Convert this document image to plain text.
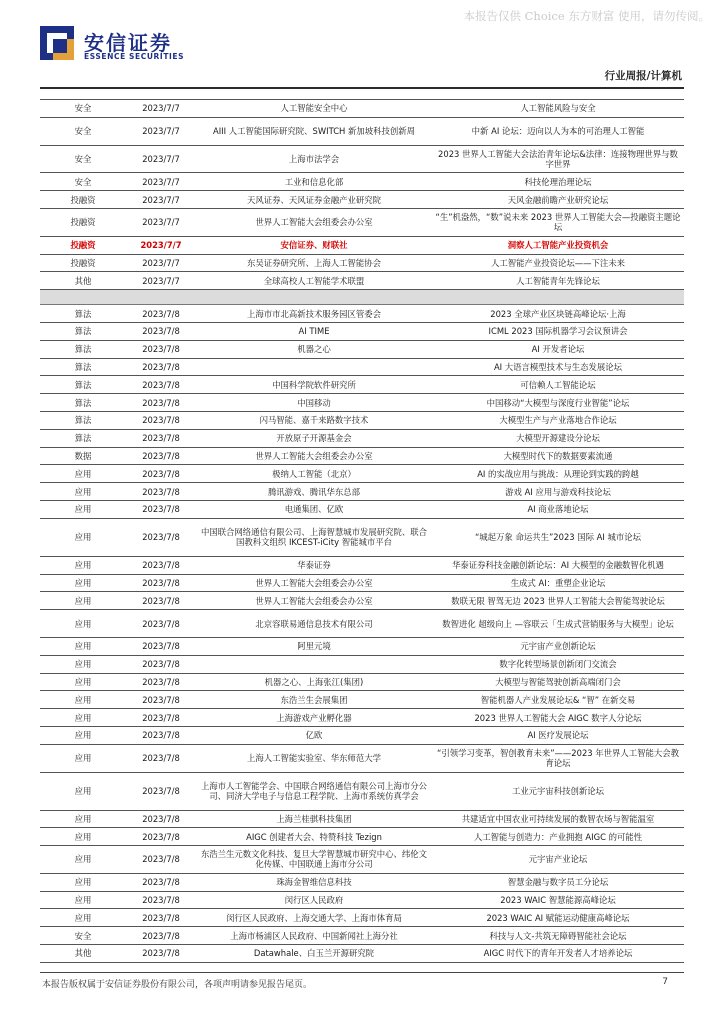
本报告仅供 Choice 东方财富 使用，请勿传阅。
安信证券
ESSENCE SECURITIES
行业周报/计算机
安全	2023/7/7	人工智能安全中心	人工智能风险与安全
安全	2023/7/7	AIII 人工智能国际研究院、SWITCH 新加坡科技创新周	中新 AI 论坛：迈向以人为本的可治理人工智能
安全	2023/7/7	上海市法学会	2023 世界人工智能大会法治青年论坛&法律：连接物理世界与数字世界
安全	2023/7/7	工业和信息化部	科技伦理治理论坛
投融资	2023/7/7	天风证券、天风证券金融产业研究院	天风金融前瞻产业研究论坛
投融资	2023/7/7	世界人工智能大会组委会办公室	“生”机盎然，“数”说未来 2023 世界人工智能大会—投融资主题论坛
投融资	2023/7/7	安信证券、财联社	洞察人工智能产业投资机会
投融资	2023/7/7	东吴证券研究所、上海人工智能协会	人工智能产业投资论坛——下注未来
其他	2023/7/7	全球高校人工智能学术联盟	人工智能青年先锋论坛

算法	2023/7/8	上海市市北高新技术服务园区管委会	2023 全球产业区块链高峰论坛·上海
算法	2023/7/8	AI TIME	ICML 2023 国际机器学习会议预讲会
算法	2023/7/8	机器之心	AI 开发者论坛
算法	2023/7/8		AI 大语言模型技术与生态发展论坛
算法	2023/7/8	中国科学院软件研究所	可信赖人工智能论坛
算法	2023/7/8	中国移动	中国移动“大模型与深度行业智能”论坛
算法	2023/7/8	闪马智能、嘉千来路数字技术	大模型生产与产业落地合作论坛
算法	2023/7/8	开放原子开源基金会	大模型开源建设分论坛
数据	2023/7/8	世界人工智能大会组委会办公室	大模型时代下的数据要素流通
应用	2023/7/8	极纳人工智能（北京）	AI 的实战应用与挑战：从理论到实践的跨越
应用	2023/7/8	腾讯游戏、腾讯华东总部	游戏 AI 应用与游戏科技论坛
应用	2023/7/8	电通集团、亿欧	AI 商业落地论坛
应用	2023/7/8	中国联合网络通信有限公司、上海智慧城市发展研究院、联合国教科文组织 IKCEST-iCity 智能城市平台	“城起万象 命运共生”2023 国际 AI 城市论坛
应用	2023/7/8	华泰证券	华泰证券科技金融创新论坛：AI 大模型的金融数智化机遇
应用	2023/7/8	世界人工智能大会组委会办公室	生成式 AI：重塑企业论坛
应用	2023/7/8	世界人工智能大会组委会办公室	数联无限 智驾无边 2023 世界人工智能大会智能驾驶论坛
应用	2023/7/8	北京容联易通信息技术有限公司	数智进化 超级向上 —容联云「生成式营销服务与大模型」论坛
应用	2023/7/8	阿里元境	元宇宙产业创新论坛
应用	2023/7/8		数字化转型场景创新闭门交流会
应用	2023/7/8	机器之心、上海张江(集团)	大模型与智能驾驶创新高端闭门会
应用	2023/7/8	东浩兰生会展集团	智能机器人产业发展论坛& “智” 在新交易
应用	2023/7/8	上海游戏产业孵化器	2023 世界人工智能大会 AIGC 数字人分论坛
应用	2023/7/8	亿欧	AI 医疗发展论坛
应用	2023/7/8	上海人工智能实验室、华东师范大学	“引领学习变革，智创教育未来”——2023 年世界人工智能大会教育论坛
应用	2023/7/8	上海市人工智能学会、中国联合网络通信有限公司上海市分公司、同济大学电子与信息工程学院、上海市系统仿真学会	工业元宇宙科技创新论坛
应用	2023/7/8	上海兰桂骐科技集团	共建适宜中国农业可持续发展的数智农场与智能温室
应用	2023/7/8	AIGC 创建者大会、特赞科技 Tezign	人工智能与创造力：产业拥抱 AIGC 的可能性
应用	2023/7/8	东浩兰生元数文化科技、复旦大学智慧城市研究中心、纬伦文化传媒、中国联通上海市分公司	元宇宙产业论坛
应用	2023/7/8	珠海金智维信息科技	智慧金融与数字员工分论坛
应用	2023/7/8	闵行区人民政府	2023 WAIC 智慧能源高峰论坛
应用	2023/7/8	闵行区人民政府、上海交通大学、上海市体育局	2023 WAIC AI 赋能运动健康高峰论坛
安全	2023/7/8	上海市杨浦区人民政府、中国新闻社上海分社	科技与人文-共筑无障碍智能社会论坛
其他	2023/7/8	Datawhale、白玉兰开源研究院	AIGC 时代下的青年开发者人才培养论坛
本报告版权属于安信证券股份有限公司，各项声明请参见报告尾页。	7
